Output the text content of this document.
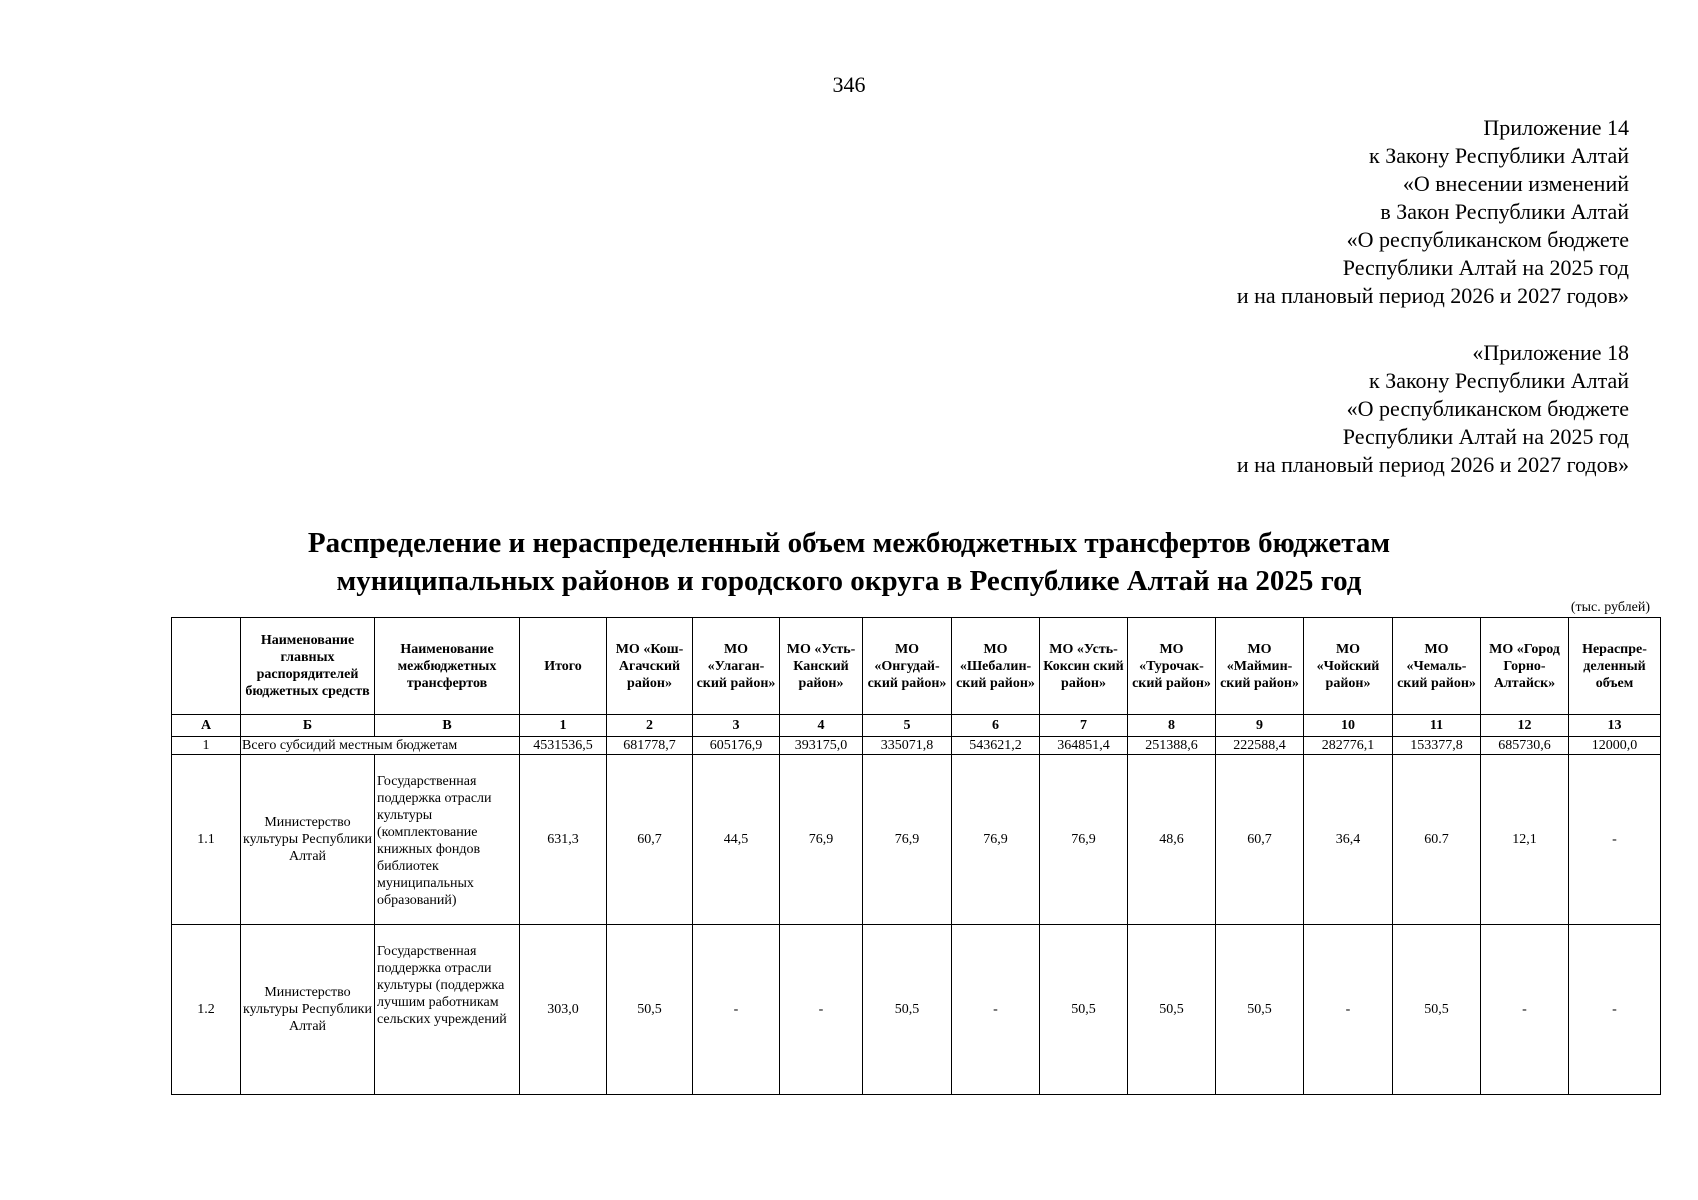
346
Приложение 14
к Закону Республики Алтай
«О внесении изменений
в Закон Республики Алтай
«О республиканском бюджете
Республики Алтай на 2025 год
и на плановый период 2026 и 2027 годов»
«Приложение 18
к Закону Республики Алтай
«О республиканском бюджете
Республики Алтай на 2025 год
и на плановый период 2026 и 2027 годов»
Распределение и нераспределенный объем межбюджетных трансфертов бюджетам
муниципальных районов и городского округа в Республике Алтай на 2025 год
(тыс. рублей)
	Наименование главных распорядителей бюджетных средств	Наименование межбюджетных трансфертов	Итого	МО «Кош-Агачский район»	МО «Улаган-ский район»	МО «Усть-Канский район»	МО «Онгудай-ский район»	МО «Шебалин-ский район»	МО «Усть-Коксин ский район»	МО «Турочак-ский район»	МО «Маймин-ский район»	МО «Чойский район»	МО «Чемаль-ский район»	МО «Город Горно-Алтайск»	Нераспре-деленный объем
А	Б	В	1	2	3	4	5	6	7	8	9	10	11	12	13
1	Всего субсидий местным бюджетам		4531536,5	681778,7	605176,9	393175,0	335071,8	543621,2	364851,4	251388,6	222588,4	282776,1	153377,8	685730,6	12000,0
1.1	Министерство культуры Республики Алтай	Государственная поддержка отрасли культуры (комплектование книжных фондов библиотек муниципальных образований)	631,3	60,7	44,5	76,9	76,9	76,9	76,9	48,6	60,7	36,4	60.7	12,1	-
1.2	Министерство культуры Республики Алтай	Государственная поддержка отрасли культуры (поддержка лучшим работникам сельских учреждений	303,0	50,5	-	-	50,5	-	50,5	50,5	50,5	-	50,5	-	-
